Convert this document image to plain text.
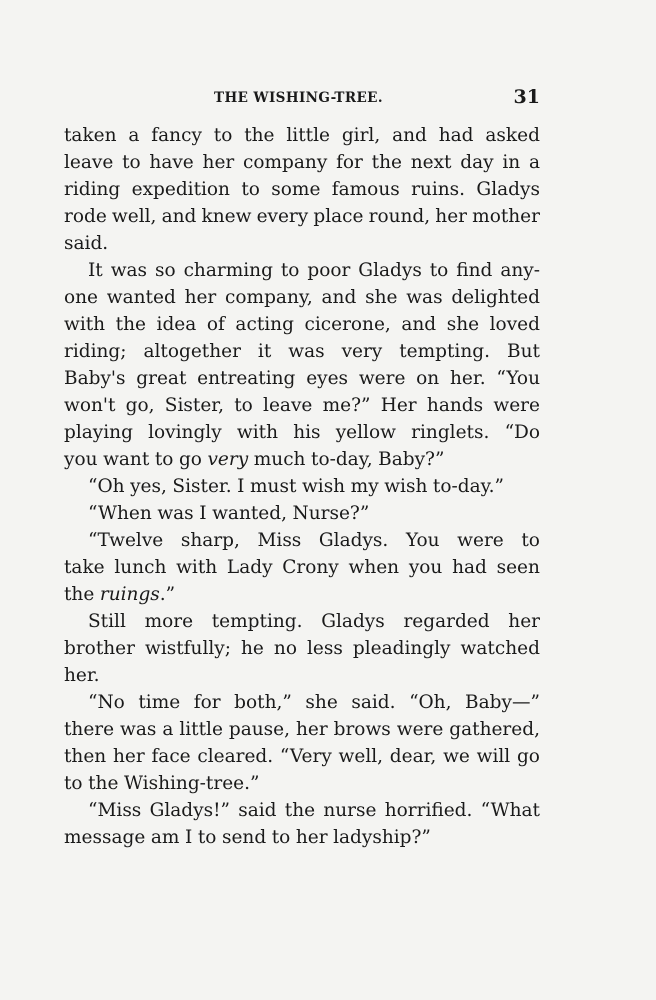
THE WISHING-TREE.	31
taken a fancy to the little girl, and had asked
leave to have her company for the next day in a
riding expedition to some famous ruins. Gladys
rode well, and knew every place round, her mother
said.
It was so charming to poor Gladys to find any-
one wanted her company, and she was delighted
with the idea of acting cicerone, and she loved
riding; altogether it was very tempting. But
Baby's great entreating eyes were on her. “You
won't go, Sister, to leave me?” Her hands were
playing lovingly with his yellow ringlets. “Do
you want to go very much to-day, Baby?”
“Oh yes, Sister. I must wish my wish to-day.”
“When was I wanted, Nurse?”
“Twelve sharp, Miss Gladys. You were to
take lunch with Lady Crony when you had seen
the ruings.”
Still more tempting. Gladys regarded her
brother wistfully; he no less pleadingly watched
her.
“No time for both,” she said. “Oh, Baby—”
there was a little pause, her brows were gathered,
then her face cleared. “Very well, dear, we will go
to the Wishing-tree.”
“Miss Gladys!” said the nurse horrified. “What
message am I to send to her ladyship?”
